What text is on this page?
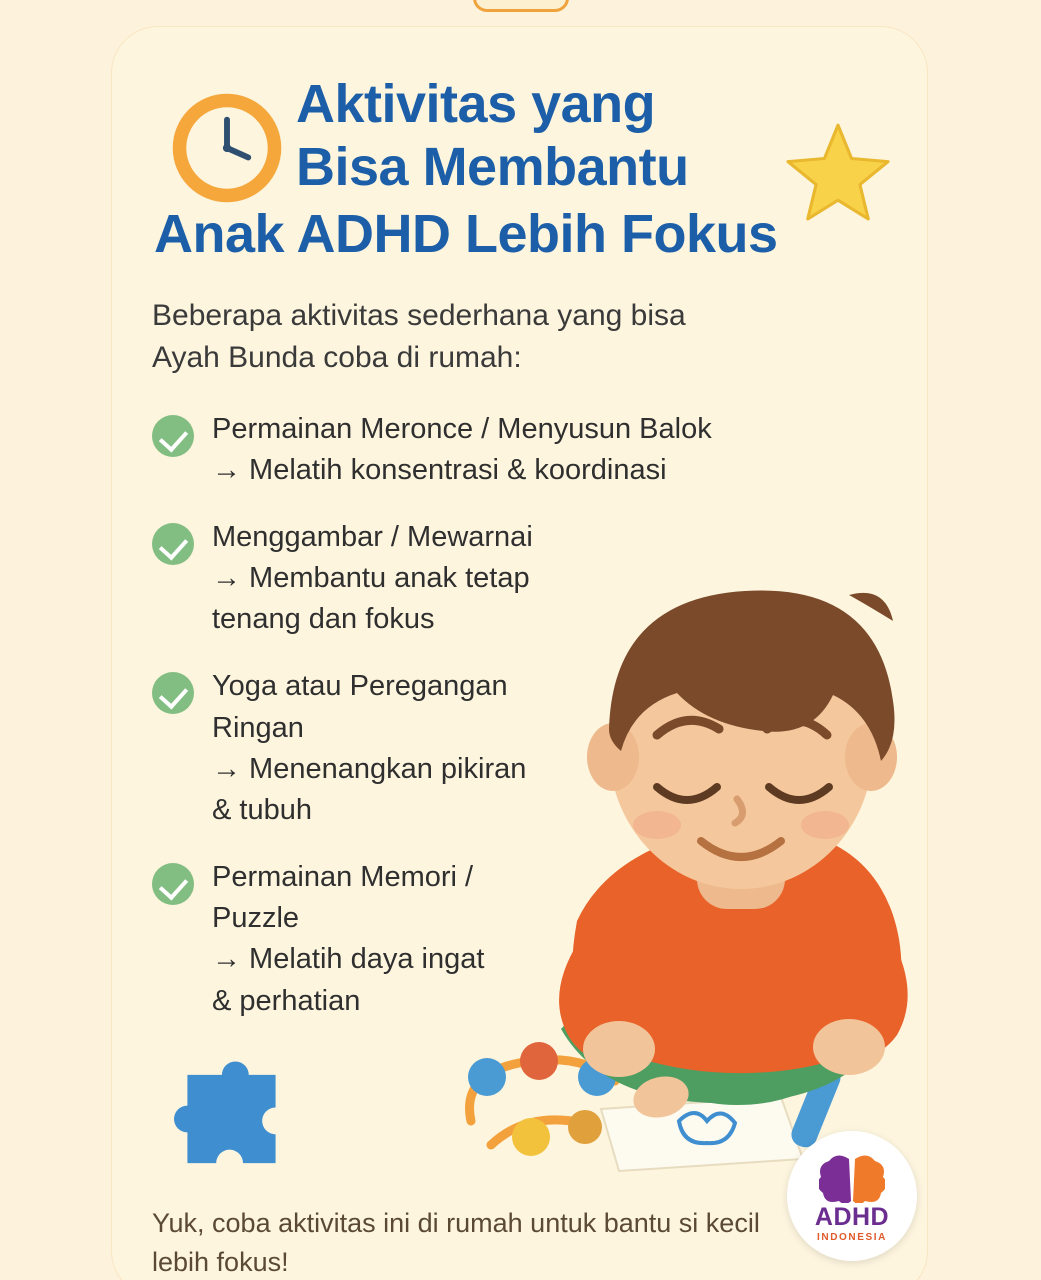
Aktivitas yang
Bisa Membantu
Anak ADHD Lebih Fokus
Beberapa aktivitas sederhana yang bisa
Ayah Bunda coba di rumah:
Permainan Meronce / Menyusun Balok
→ Melatih konsentrasi & koordinasi
Menggambar / Mewarnai
→ Membantu anak tetap
tenang dan fokus
Yoga atau Peregangan
Ringan
→ Menenangkan pikiran
& tubuh
Permainan Memori /
Puzzle
→ Melatih daya ingat
& perhatian
Yuk, coba aktivitas ini di rumah untuk bantu si kecil
lebih fokus!
ADHD
INDONESIA
